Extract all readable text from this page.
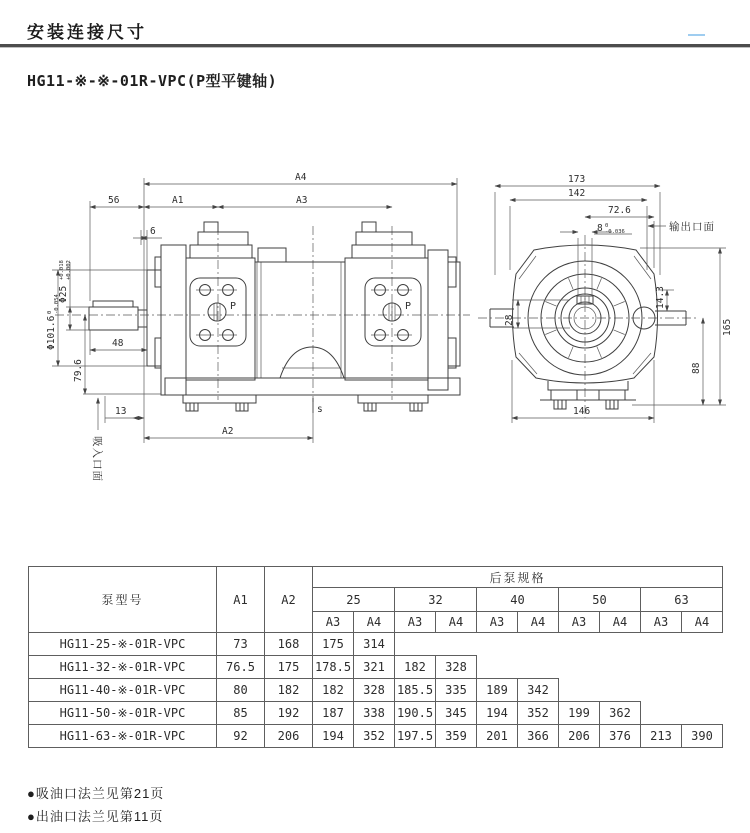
安装连接尺寸
HG11-※-※-01R-VPC(P型平键轴)
P	P
s
A4
56	A1	A3
6
Φ25
+0.018 +0.002
Φ101.6
0 -0.054
79.6
48
吸入口面
13
A2
173
142
72.6
8 0
-0.036	输出口面
14.3
28	165
88
146
泵型号	A1	A2	后泵规格									
			25		32		40		50		63	
			A3	A4	A3	A4	A3	A4	A3	A4	A3	A4
HG11-25-※-01R-VPC	73	168	175	314								
HG11-32-※-01R-VPC	76.5	175	178.5	321	182	328						
HG11-40-※-01R-VPC	80	182	182	328	185.5	335	189	342				
HG11-50-※-01R-VPC	85	192	187	338	190.5	345	194	352	199	362		
HG11-63-※-01R-VPC	92	206	194	352	197.5	359	201	366	206	376	213	390
●吸油口法兰见第21页
●出油口法兰见第11页
